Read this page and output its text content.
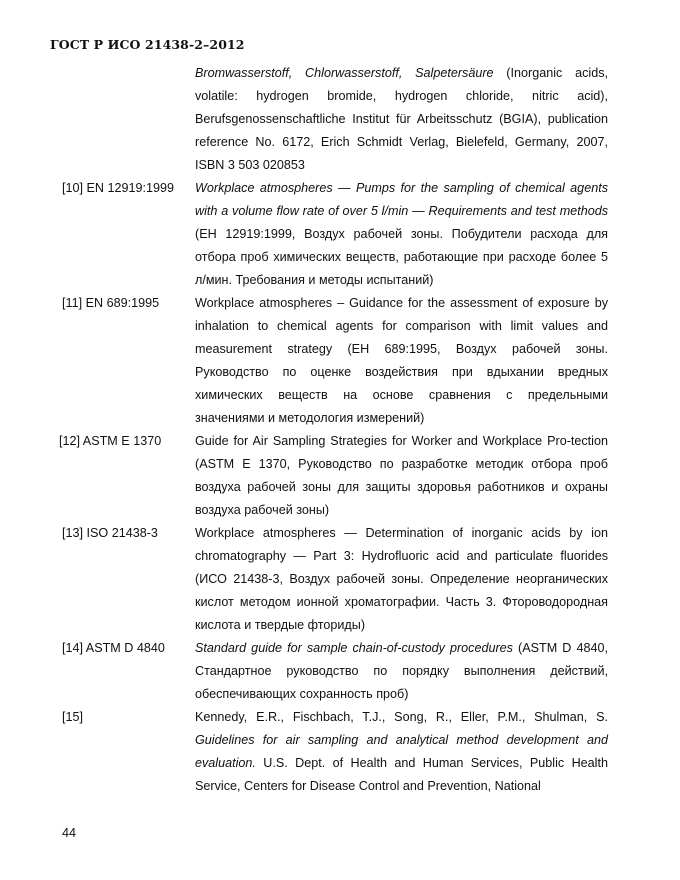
ГОСТ Р ИСО 21438-2–2012
Bromwasserstoff, Chlorwasserstoff, Salpetersäure (Inorganic acids, volatile: hydrogen bromide, hydrogen chloride, nitric acid), Berufsgenossenschaftliche Institut für Arbeitsschutz (BGIA), publication reference No. 6172, Erich Schmidt Verlag, Bielefeld, Germany, 2007, ISBN 3 503 020853
[10] EN 12919:1999 Workplace atmospheres — Pumps for the sampling of chemical agents with a volume flow rate of over 5 l/min — Requirements and test methods (ЕН 12919:1999, Воздух рабочей зоны. Побудители расхода для отбора проб химических веществ, работающие при расходе более 5 л/мин. Требования и методы испытаний)
[11] EN 689:1995	Workplace atmospheres – Guidance for the assessment of exposure by inhalation to chemical agents for comparison with limit values and measurement strategy (ЕН 689:1995, Воздух рабочей зоны. Руководство по оценке воздействия при вдыхании вредных химических веществ на основе сравнения с предельными значениями и методология измерений)
[12] ASTM E 1370	Guide for Air Sampling Strategies for Worker and Workplace Pro-tection (ASTM E 1370, Руководство по разработке методик отбора проб воздуха рабочей зоны для защиты здоровья работников и охраны воздуха рабочей зоны)
[13] ISO 21438-3	Workplace atmospheres — Determination of inorganic acids by ion chromatography — Part 3: Hydrofluoric acid and particulate fluorides (ИСО 21438-3, Воздух рабочей зоны. Определение неорганических кислот методом ионной хроматографии. Часть 3. Фтороводородная кислота и твердые фториды)
[14] ASTM D 4840 Standard guide for sample chain-of-custody procedures (ASTM D 4840, Стандартное руководство по порядку выполнения действий, обеспечивающих сохранность проб)
[15]	Kennedy, E.R., Fischbach, T.J., Song, R., Eller, P.M., Shulman, S. Guidelines for air sampling and analytical method development and evaluation. U.S. Dept. of Health and Human Services, Public Health Service, Centers for Disease Control and Prevention, National
44
